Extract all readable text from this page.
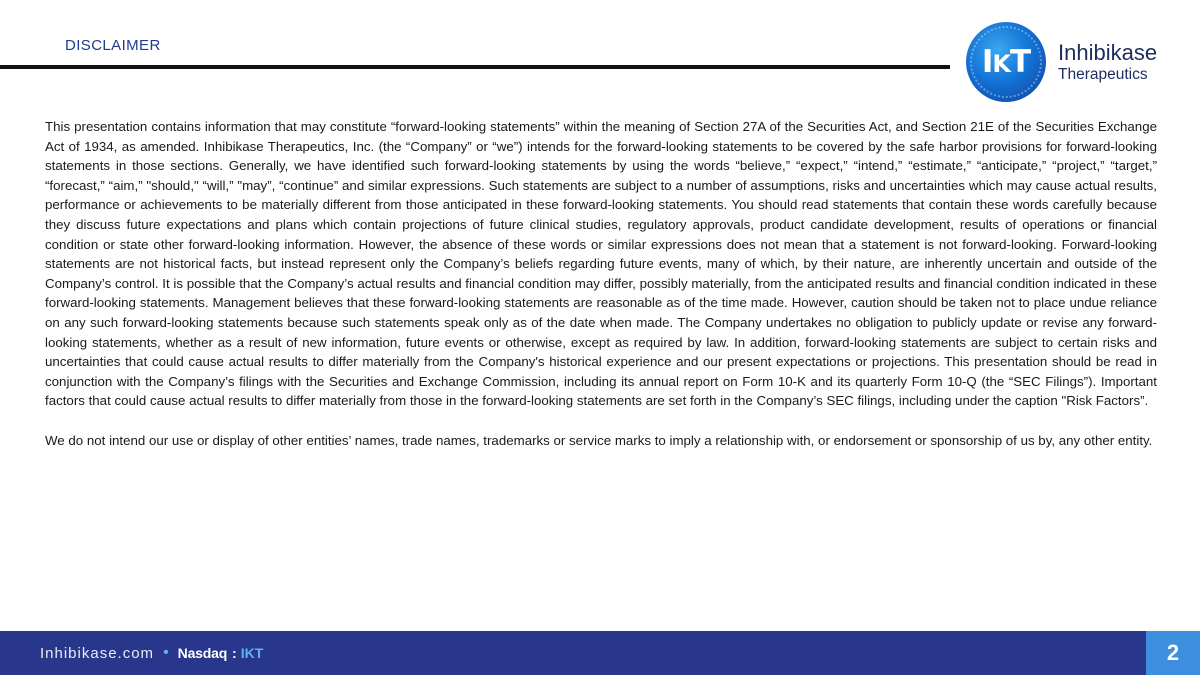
DISCLAIMER	IKT Inhibikase
Therapeutics

This presentation contains information that may constitute “forward-looking statements” within the meaning of Section 27A of the Securities Act, and Section 21E of the Securities Exchange Act of 1934, as amended. Inhibikase Therapeutics, Inc. (the “Company” or “we”) intends for the forward-looking statements to be covered by the safe harbor provisions for forward-looking statements in those sections. Generally, we have identified such forward-looking statements by using the words “believe,” “expect,” “intend,” “estimate,” “anticipate,” “project,” “target,” “forecast,” “aim,” "should," “will,” "may”, “continue” and similar expressions. Such statements are subject to a number of assumptions, risks and uncertainties which may cause actual results, performance or achievements to be materially different from those anticipated in these forward-looking statements. You should read statements that contain these words carefully because they discuss future expectations and plans which contain projections of future clinical studies, regulatory approvals, product candidate development, results of operations or financial condition or state other forward-looking information. However, the absence of these words or similar expressions does not mean that a statement is not forward-looking. Forward-looking statements are not historical facts, but instead represent only the Company’s beliefs regarding future events, many of which, by their nature, are inherently uncertain and outside of the Company’s control. It is possible that the Company’s actual results and financial condition may differ, possibly materially, from the anticipated results and financial condition indicated in these forward-looking statements. Management believes that these forward-looking statements are reasonable as of the time made. However, caution should be taken not to place undue reliance on any such forward-looking statements because such statements speak only as of the date when made. The Company undertakes no obligation to publicly update or revise any forward-looking statements, whether as a result of new information, future events or otherwise, except as required by law. In addition, forward-looking statements are subject to certain risks and uncertainties that could cause actual results to differ materially from the Company's historical experience and our present expectations or projections. This presentation should be read in conjunction with the Company’s filings with the Securities and Exchange Commission, including its annual report on Form 10-K and its quarterly Form 10-Q (the “SEC Filings”). Important factors that could cause actual results to differ materially from those in the forward-looking statements are set forth in the Company’s SEC filings, including under the caption "Risk Factors”.

We do not intend our use or display of other entities’ names, trade names, trademarks or service marks to imply a relationship with, or endorsement or sponsorship of us by, any other entity.

Inhibikase.com • Nasdaq : IKT	2
